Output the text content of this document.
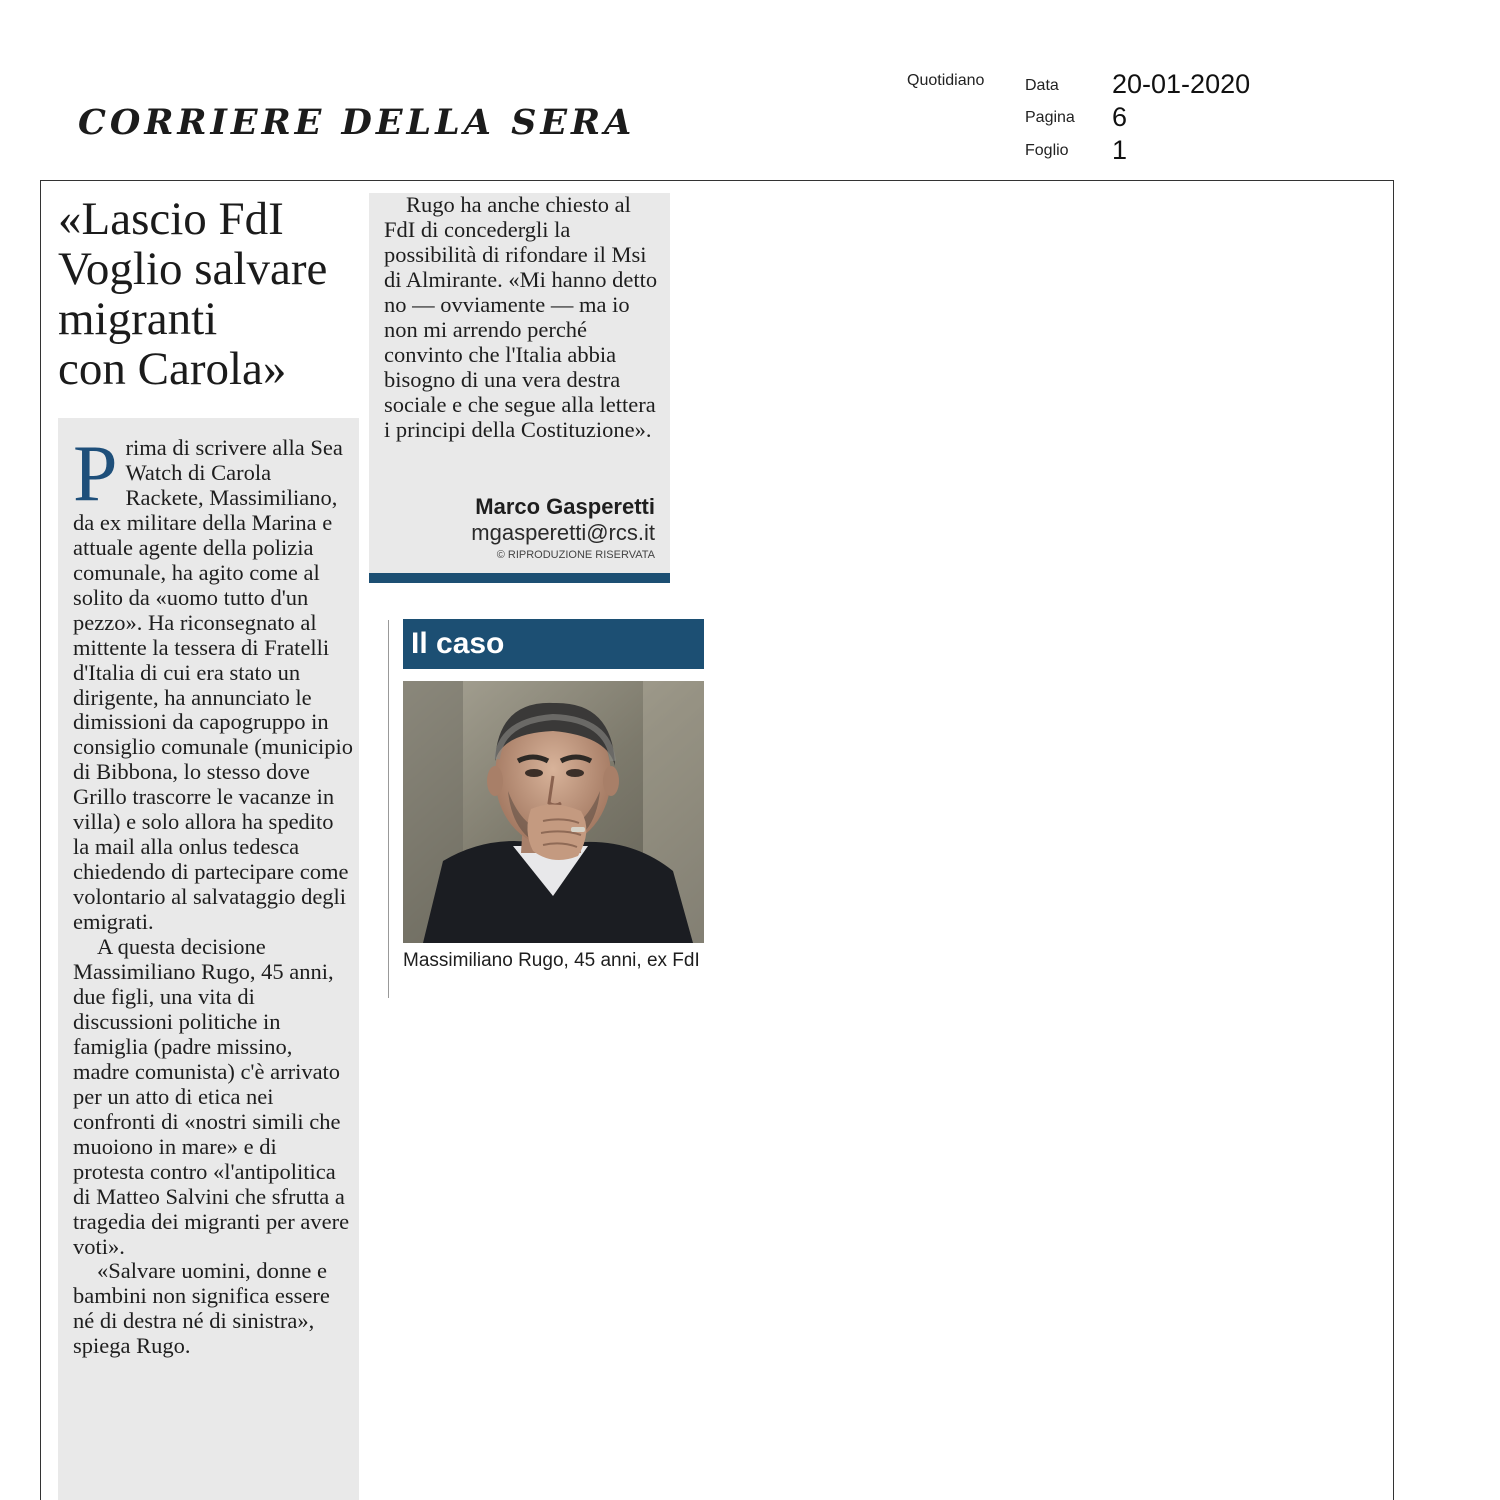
CORRIERE DELLA SERA
Quotidiano	Data 20-01-2020
Pagina 6
Foglio 1
«Lascio FdI
Voglio salvare
migranti
con Carola»

Prima di scrivere alla Sea Watch di Carola Rackete, Massimiliano, da ex militare della Marina e attuale agente della polizia comunale, ha agito come al solito da «uomo tutto d'un pezzo». Ha riconsegnato al mittente la tessera di Fratelli d'Italia di cui era stato un dirigente, ha annunciato le dimissioni da capogruppo in consiglio comunale (municipio di Bibbona, lo stesso dove Grillo trascorre le vacanze in villa) e solo allora ha spedito la mail alla onlus tedesca chiedendo di partecipare come volontario al salvataggio degli emigrati.

A questa decisione Massimiliano Rugo, 45 anni, due figli, una vita di discussioni politiche in famiglia (padre missino, madre comunista) c'è arrivato per un atto di etica nei confronti di «nostri simili che muoiono in mare» e di protesta contro «l'antipolitica di Matteo Salvini che sfrutta a tragedia dei migranti per avere voti».

«Salvare uomini, donne e bambini non significa essere né di destra né di sinistra», spiega Rugo.

Rugo ha anche chiesto al FdI di concedergli la possibilità di rifondare il Msi di Almirante. «Mi hanno detto no — ovviamente — ma io non mi arrendo perché convinto che l'Italia abbia bisogno di una vera destra sociale e che segue alla lettera i principi della Costituzione».

Marco Gasperetti
mgasperetti@rcs.it
© RIPRODUZIONE RISERVATA
Il caso
Massimiliano Rugo, 45 anni, ex FdI
